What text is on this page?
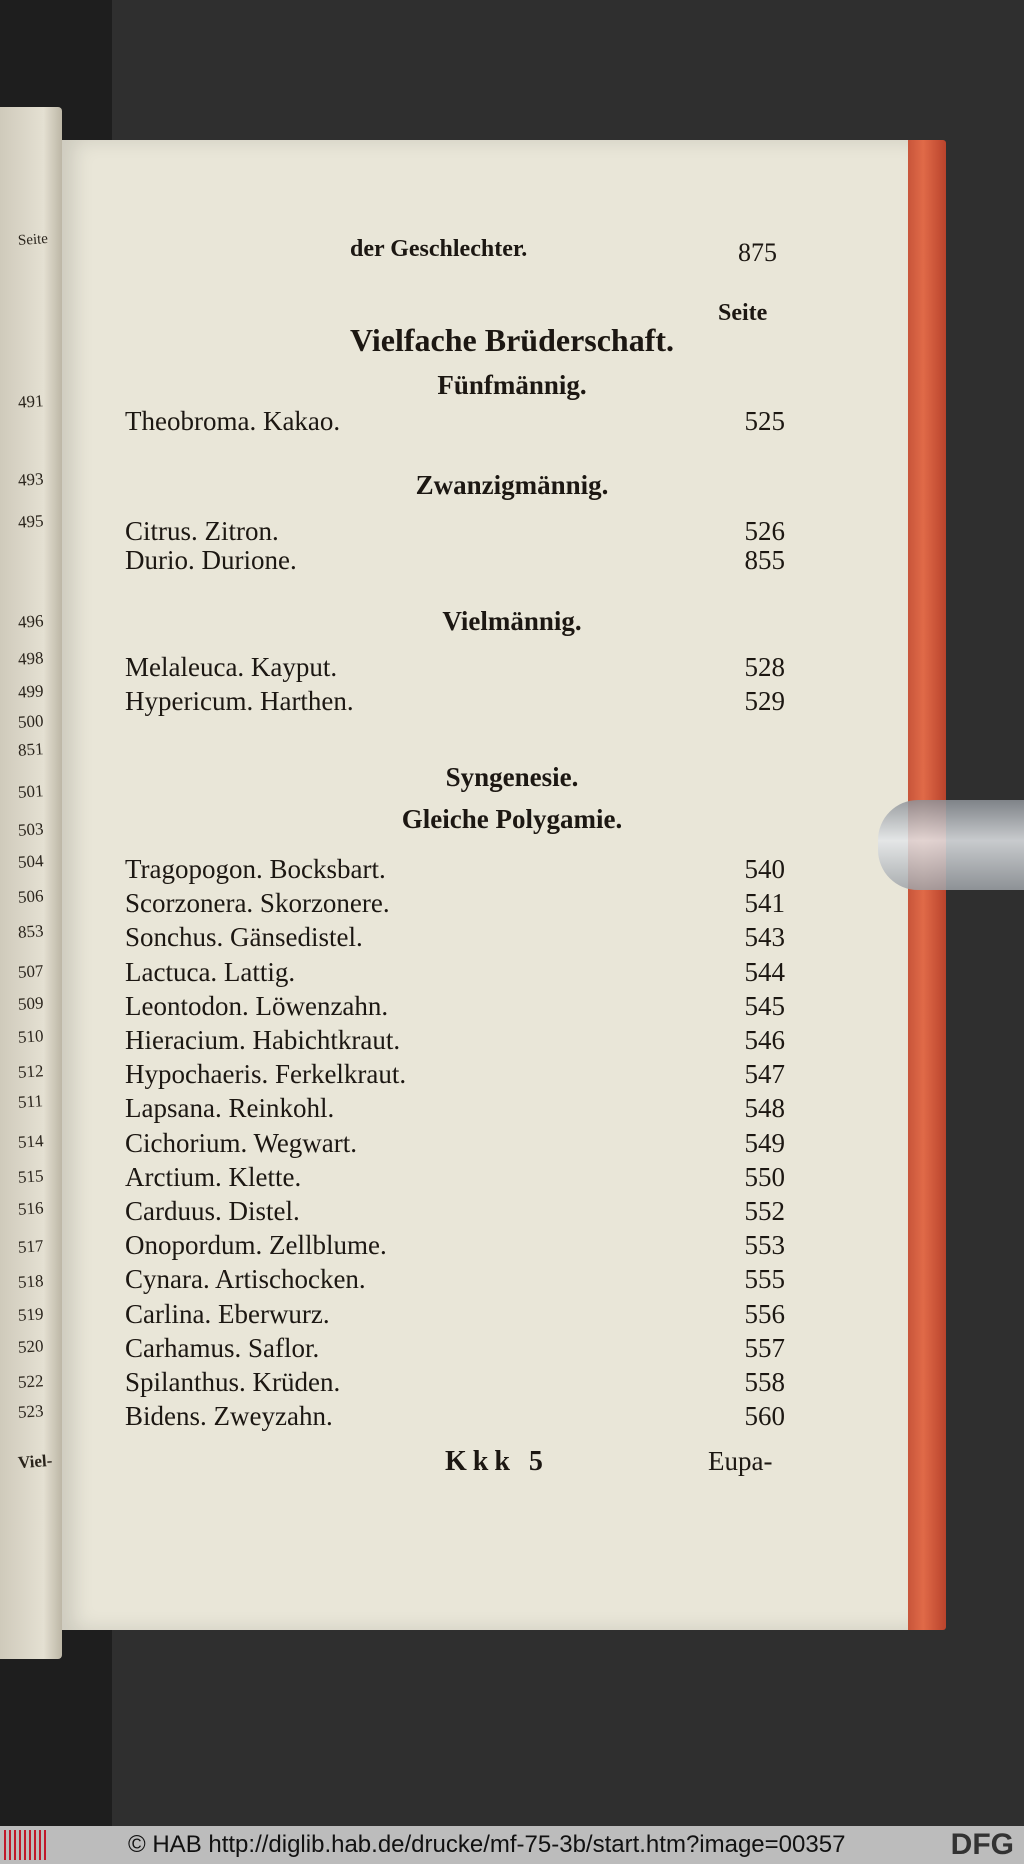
Seite
491
493
495
496
498
499
500
851
501
503
504
506
853
507
509
510
512
511
514
515
516
517
518
519
520
522
523
Viel-
der Geschlechter.	875
Seite
Vielfache Brüderschaft.
Fünfmännig.
Theobroma. Kakao.	525
Zwanzigmännig.
Citrus. Zitron.	526
Durio. Durione.	855
Vielmännig.
Melaleuca. Kayput.	528
Hypericum. Harthen.	529
Syngenesie.
Gleiche Polygamie.
Tragopogon. Bocksbart.	540
Scorzonera. Skorzonere.	541
Sonchus. Gänsedistel.	543
Lactuca. Lattig.	544
Leontodon. Löwenzahn.	545
Hieracium. Habichtkraut.	546
Hypochaeris. Ferkelkraut.	547
Lapsana. Reinkohl.	548
Cichorium. Wegwart.	549
Arctium. Klette.	550
Carduus. Distel.	552
Onopordum. Zellblume.	553
Cynara. Artischocken.	555
Carlina. Eberwurz.	556
Carhamus. Saflor.	557
Spilanthus. Krüden.	558
Bidens. Zweyzahn.	560
Kkk 5	Eupa-
© HAB http://diglib.hab.de/drucke/mf-75-3b/start.htm?image=00357	DFG
